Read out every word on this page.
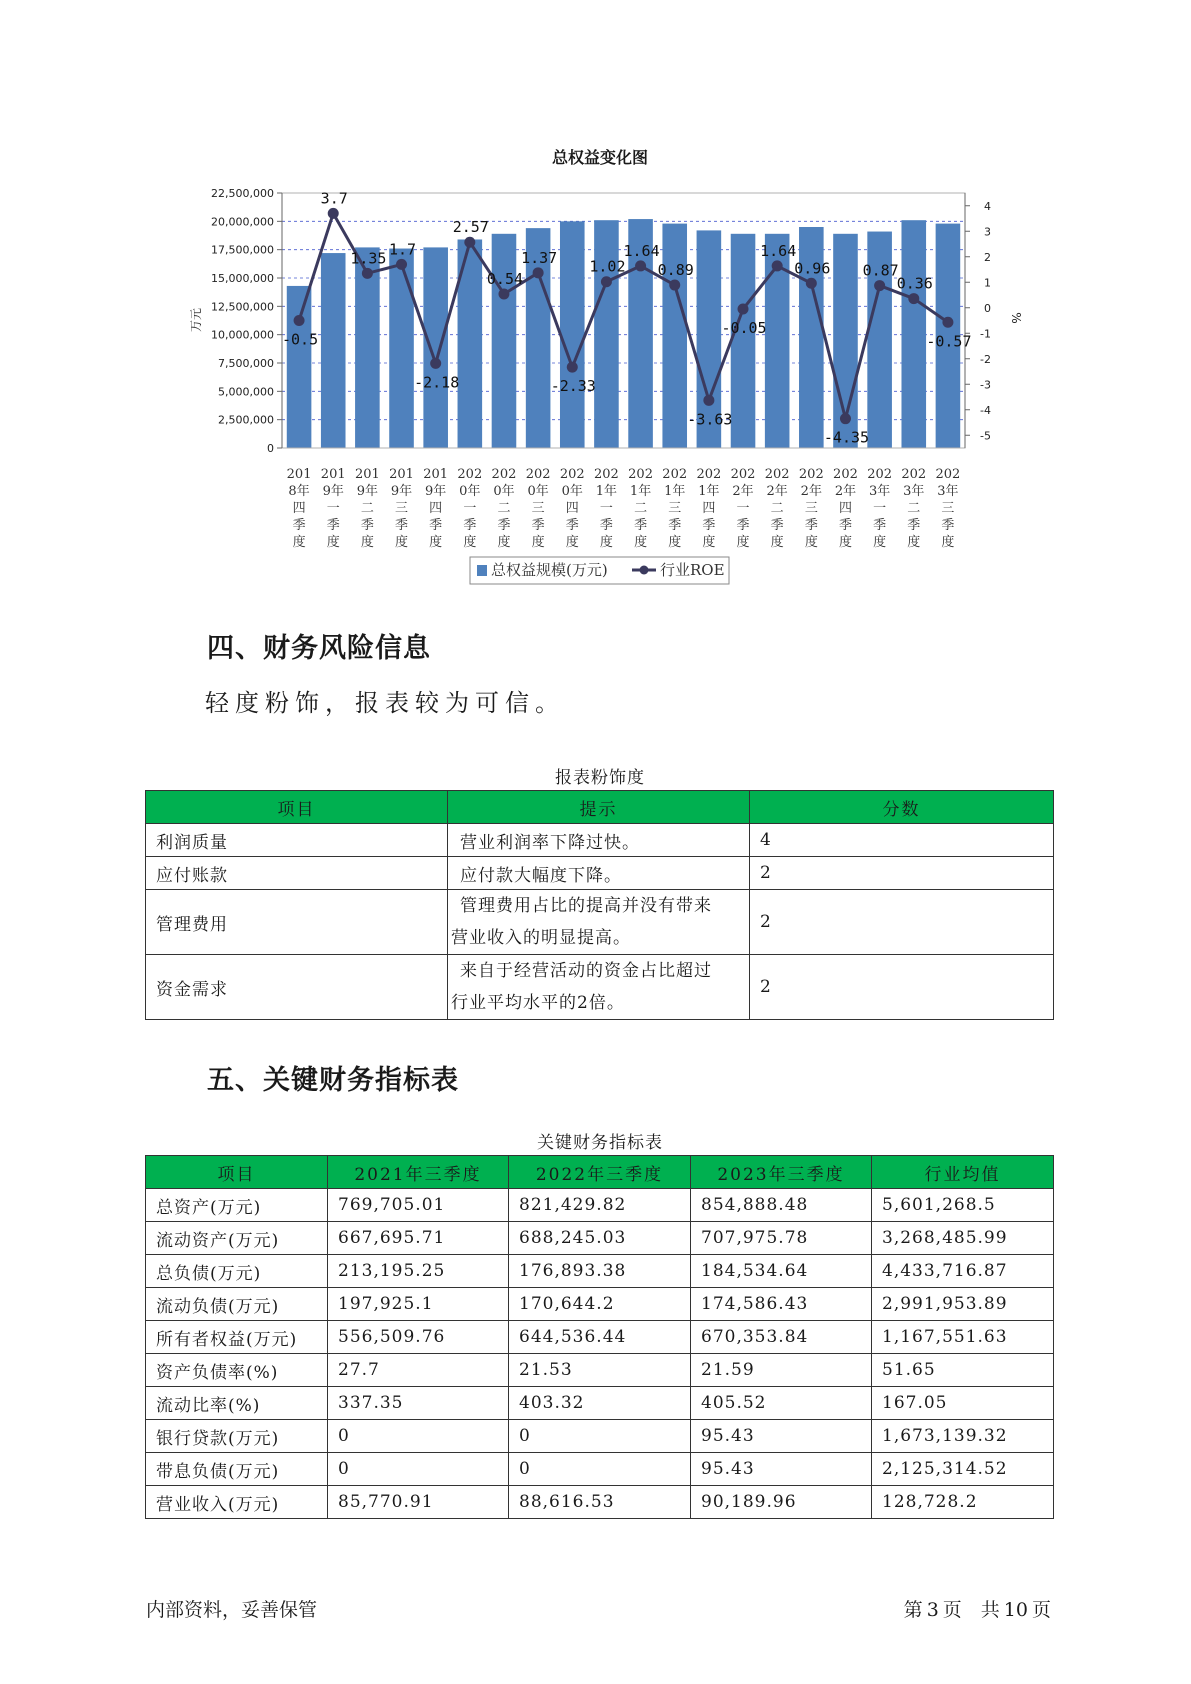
总权益变化图
0
2,500,000
5,000,000
7,500,000
10,000,000
12,500,000
15,000,000
17,500,000
20,000,000
22,500,000
万元
4
3
2
1
0
-1
-2
-3
-4
-5
%
-0.5
3.7
1.35 1.7
-2.18
2.57
0.54
1.37
-2.33
1.02
1.64
0.89
-3.63
-0.05
1.64
0.96
-4.35
0.87
0.36
-0.57
201 8年四季度
201 9年一季度
201 9年二季度
201 9年三季度
201 9年四季度
202 0年一季度
202 0年二季度
202 0年三季度
202 0年四季度
202 1年一季度
202 1年二季度
202 1年三季度
202 1年四季度
202 2年一季度
202 2年二季度
202 2年三季度
202 2年四季度
202 3年一季度
202 3年二季度
202 3年三季度
总权益规模(万元)	行业ROE
四、财务风险信息

轻度粉饰，报表较为可信。

报表粉饰度

项目	提示	分数
利润质量	营业利润率下降过快。	4
应付账款	应付款大幅度下降。	2
管理费用	管理费用占比的提高并没有带来
营业收入的明显提高。	2
资金需求	来自于经营活动的资金占比超过
行业平均水平的2倍。	2
五、关键财务指标表

关键财务指标表

项目	2021年三季度	2022年三季度	2023年三季度	行业均值
总资产(万元)	769,705.01	821,429.82	854,888.48	5,601,268.5
流动资产(万元)	667,695.71	688,245.03	707,975.78	3,268,485.99
总负债(万元)	213,195.25	176,893.38	184,534.64	4,433,716.87
流动负债(万元)	197,925.1	170,644.2	174,586.43	2,991,953.89
所有者权益(万元)	556,509.76	644,536.44	670,353.84	1,167,551.63
资产负债率(%)	27.7	21.53	21.59	51.65
流动比率(%)	337.35	403.32	405.52	167.05
银行贷款(万元)	0	0	95.43	1,673,139.32
带息负债(万元)	0	0	95.43	2,125,314.52
营业收入(万元)	85,770.91	88,616.53	90,189.96	128,728.2

内部资料，妥善保管	第 3 页　共 10 页
